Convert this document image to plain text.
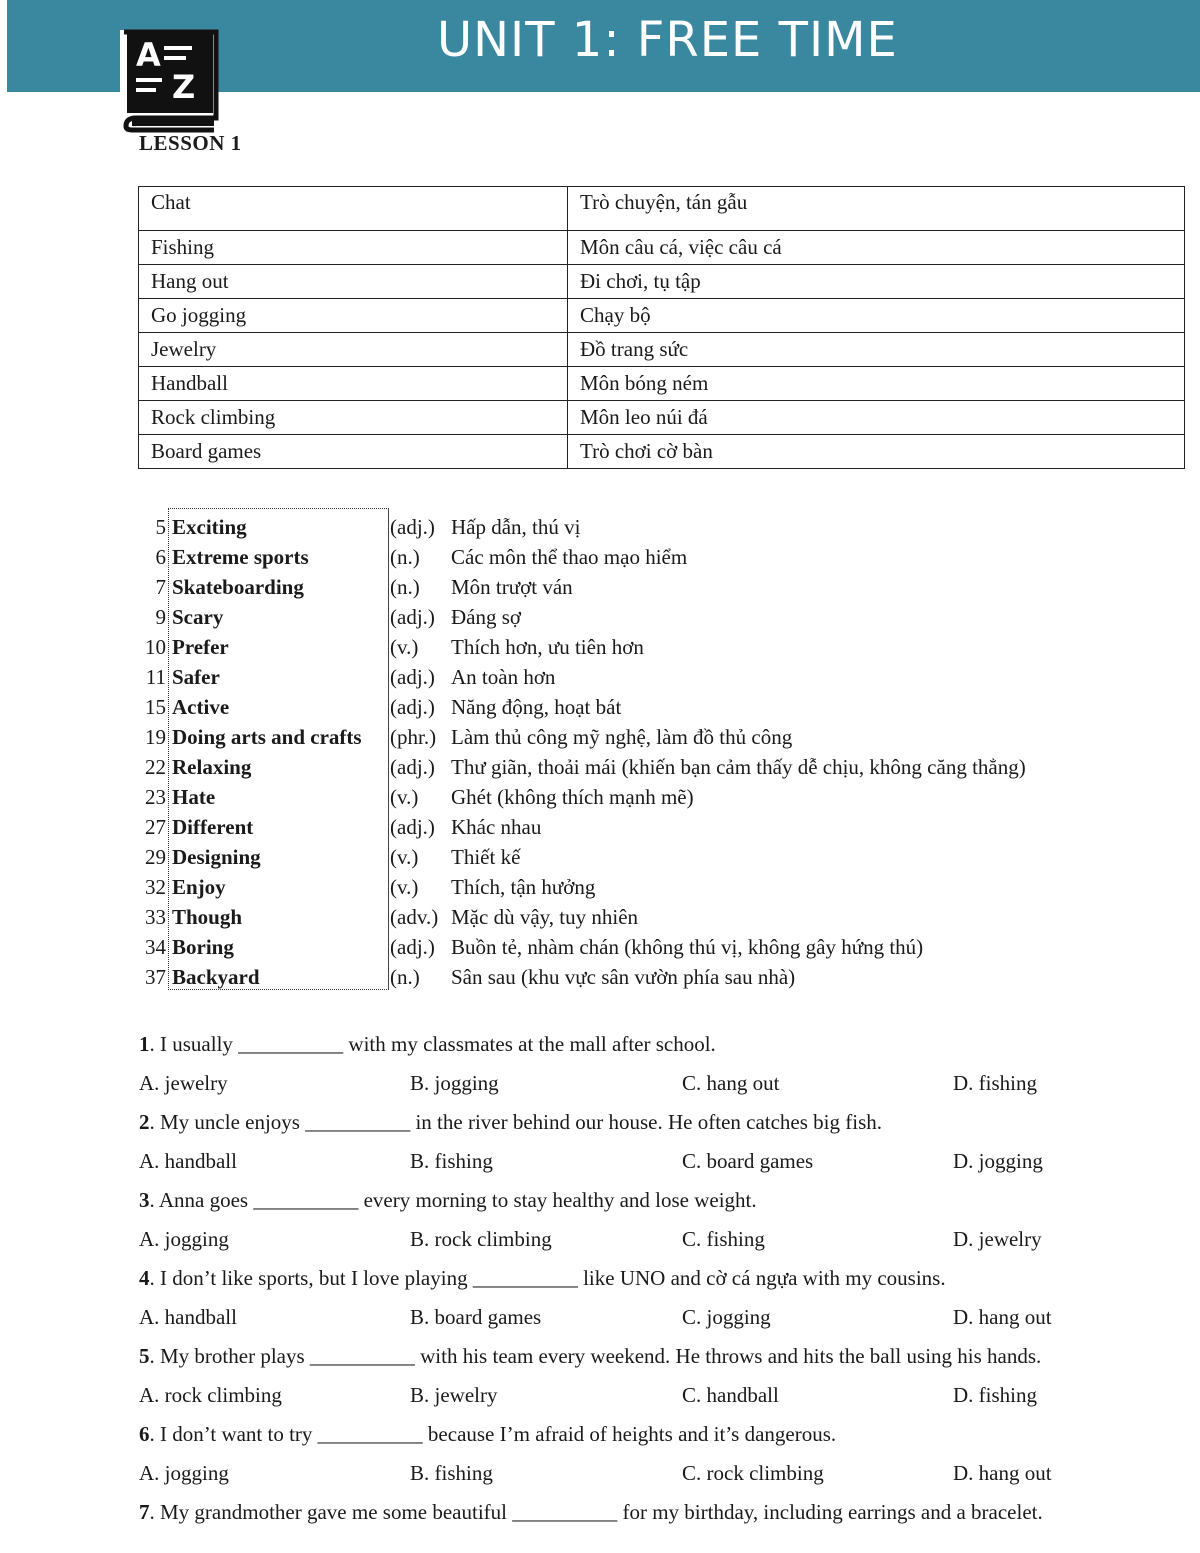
UNIT 1: FREE TIME
A
Z
LESSON 1
Chat	Trò chuyện, tán gẫu
Fishing	Môn câu cá, việc câu cá
Hang out	Đi chơi, tụ tập
Go jogging	Chạy bộ
Jewelry	Đồ trang sức
Handball	Môn bóng ném
Rock climbing	Môn leo núi đá
Board games	Trò chơi cờ bàn
5 Exciting	(adj.) Hấp dẫn, thú vị
6 Extreme sports	(n.) Các môn thể thao mạo hiểm
7 Skateboarding	(n.) Môn trượt ván
9 Scary	(adj.) Đáng sợ
10 Prefer	(v.) Thích hơn, ưu tiên hơn
11 Safer	(adj.) An toàn hơn
15 Active	(adj.) Năng động, hoạt bát
19 Doing arts and crafts (phr.) Làm thủ công mỹ nghệ, làm đồ thủ công
22 Relaxing	(adj.) Thư giãn, thoải mái (khiến bạn cảm thấy dễ chịu, không căng thẳng)
23 Hate	(v.) Ghét (không thích mạnh mẽ)
27 Different	(adj.) Khác nhau
29 Designing	(v.) Thiết kế
32 Enjoy	(v.) Thích, tận hưởng
33 Though	(adv.) Mặc dù vậy, tuy nhiên
34 Boring	(adj.) Buồn tẻ, nhàm chán (không thú vị, không gây hứng thú)
37 Backyard	(n.) Sân sau (khu vực sân vườn phía sau nhà)
1. I usually __________ with my classmates at the mall after school.
A. jewelry	B. jogging	C. hang out	D. fishing
2. My uncle enjoys __________ in the river behind our house. He often catches big fish.
A. handball	B. fishing	C. board games	D. jogging
3. Anna goes __________ every morning to stay healthy and lose weight.
A. jogging	B. rock climbing	C. fishing	D. jewelry
4. I don’t like sports, but I love playing __________ like UNO and cờ cá ngựa with my cousins.
A. handball	B. board games	C. jogging	D. hang out
5. My brother plays __________ with his team every weekend. He throws and hits the ball using his hands.
A. rock climbing	B. jewelry	C. handball	D. fishing
6. I don’t want to try __________ because I’m afraid of heights and it’s dangerous.
A. jogging	B. fishing	C. rock climbing	D. hang out
7. My grandmother gave me some beautiful __________ for my birthday, including earrings and a bracelet.
